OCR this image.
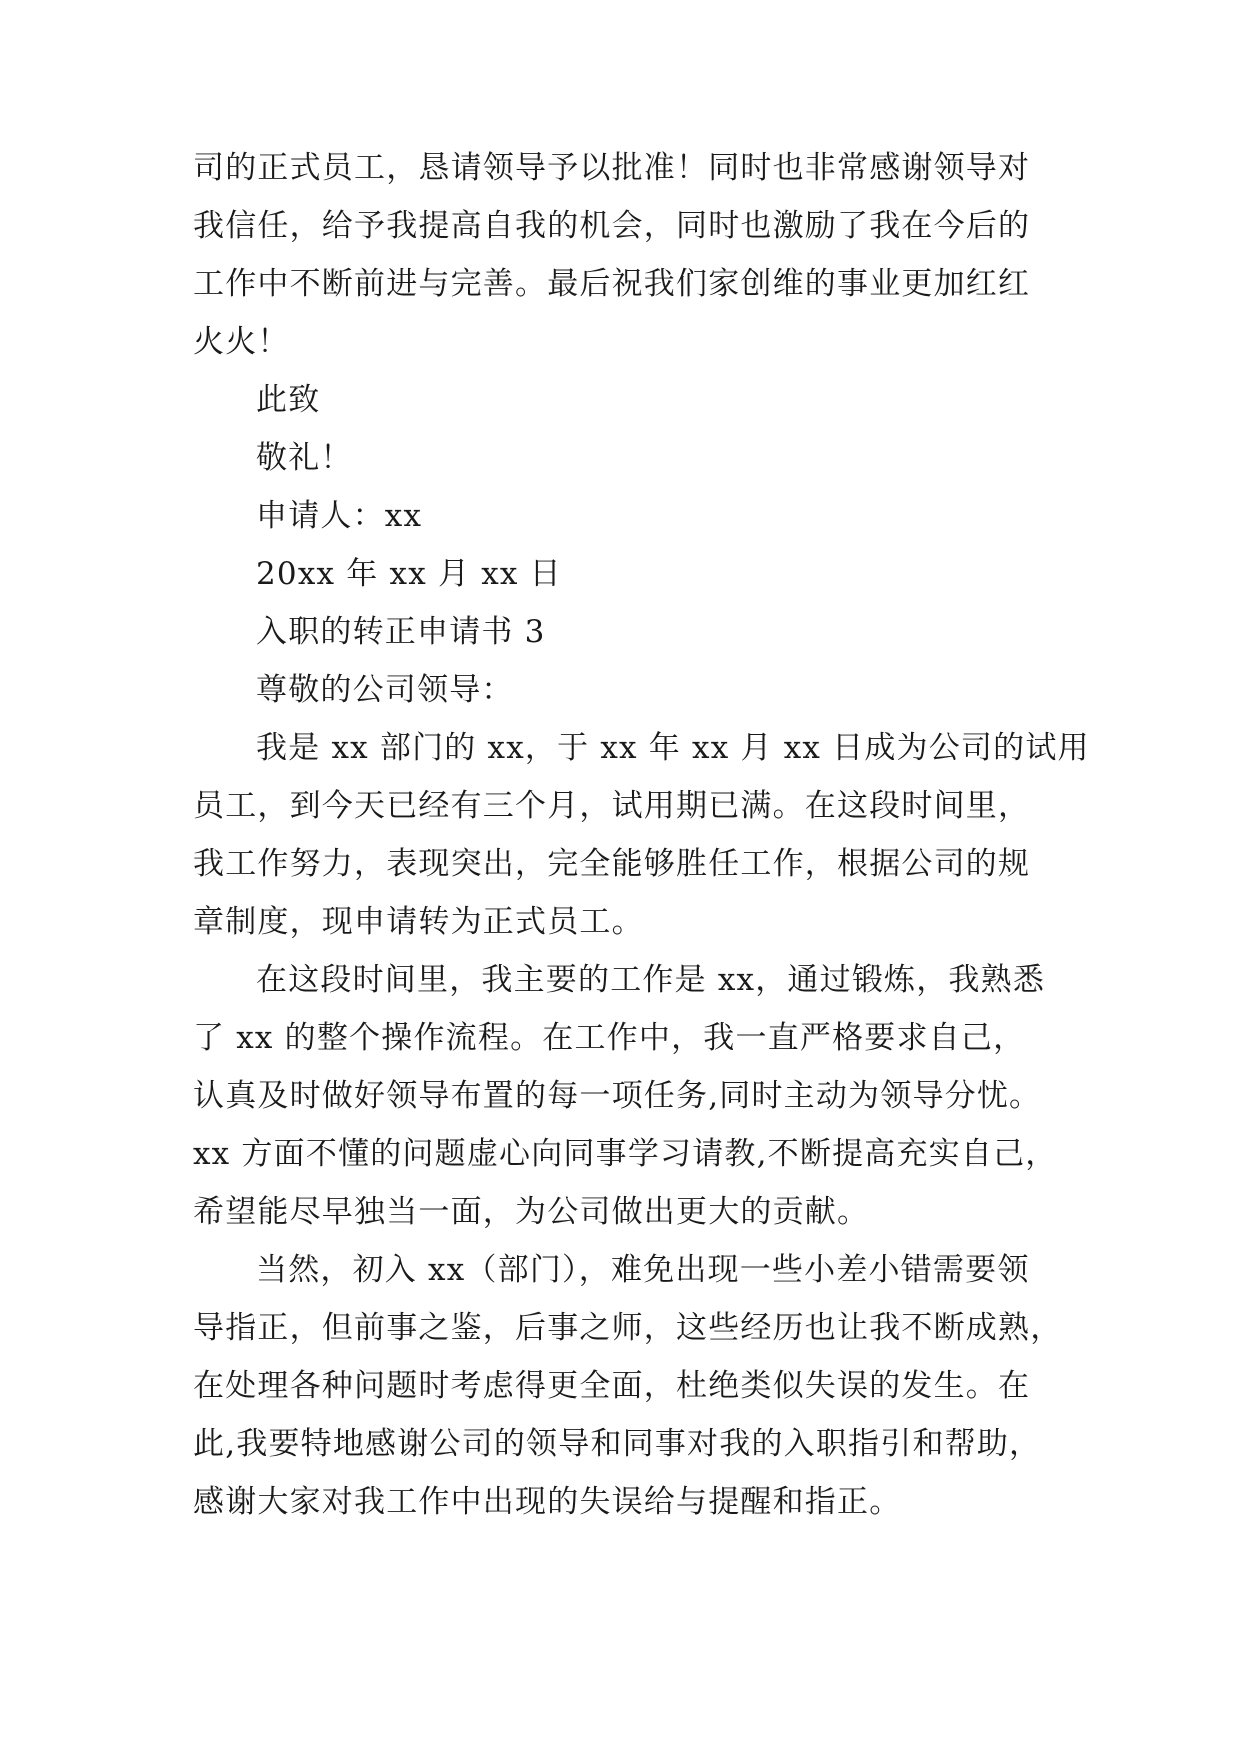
司的正式员工，恳请领导予以批准！同时也非常感谢领导对
我信任，给予我提高自我的机会，同时也激励了我在今后的
工作中不断前进与完善。最后祝我们家创维的事业更加红红
火火！
此致
敬礼！
申请人：xx
20xx 年 xx 月 xx 日
入职的转正申请书 3
尊敬的公司领导：
我是 xx 部门的 xx，于 xx 年 xx 月 xx 日成为公司的试用
员工，到今天已经有三个月，试用期已满。在这段时间里，
我工作努力，表现突出，完全能够胜任工作，根据公司的规
章制度，现申请转为正式员工。
在这段时间里，我主要的工作是 xx，通过锻炼，我熟悉
了 xx 的整个操作流程。在工作中，我一直严格要求自己，
认真及时做好领导布置的每一项任务,同时主动为领导分忧。
xx 方面不懂的问题虚心向同事学习请教,不断提高充实自己，
希望能尽早独当一面，为公司做出更大的贡献。
当然，初入 xx（部门），难免出现一些小差小错需要领
导指正，但前事之鉴，后事之师，这些经历也让我不断成熟，
在处理各种问题时考虑得更全面，杜绝类似失误的发生。在
此,我要特地感谢公司的领导和同事对我的入职指引和帮助，
感谢大家对我工作中出现的失误给与提醒和指正。
